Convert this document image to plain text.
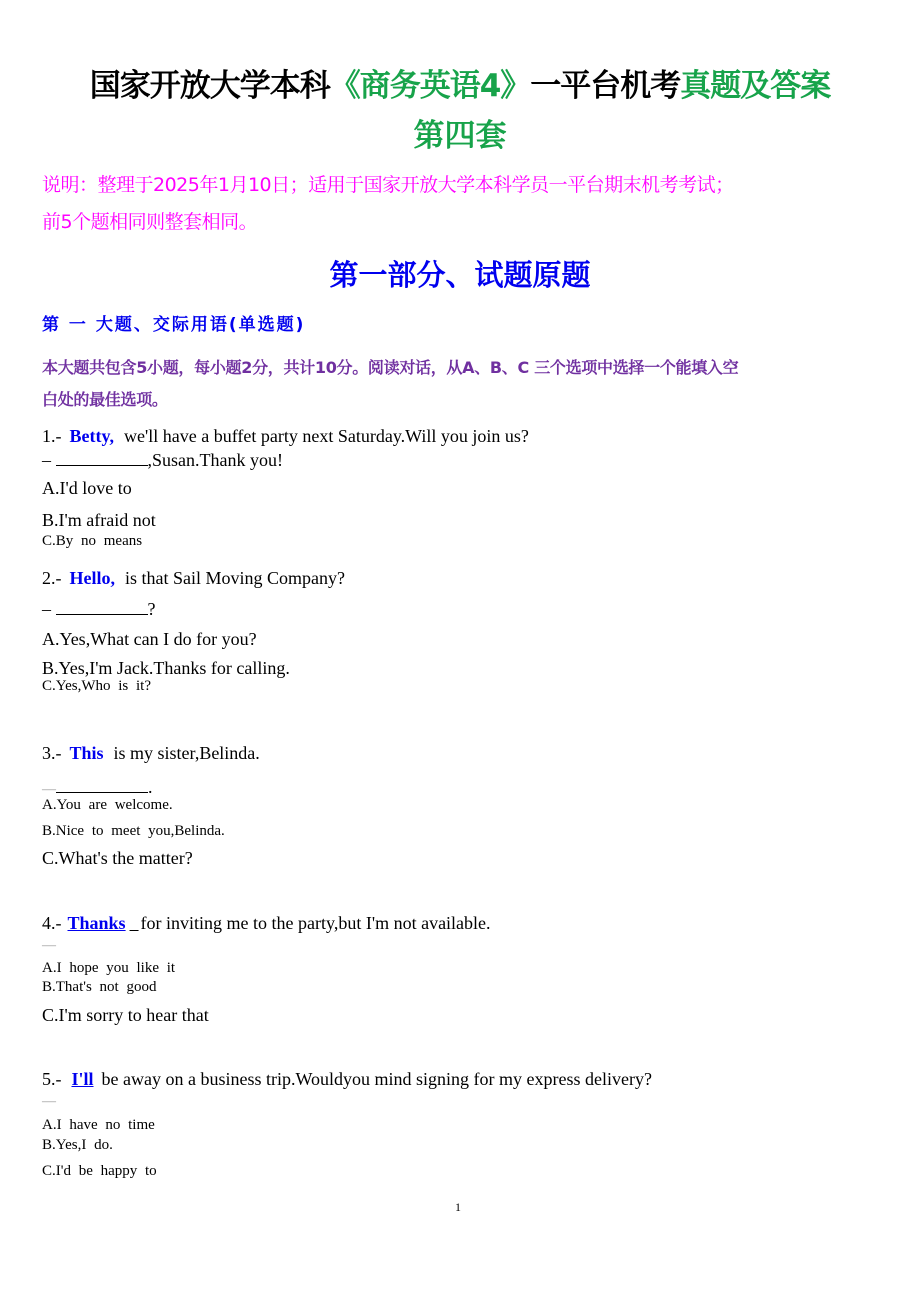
国家开放大学本科《商务英语4》一平台机考真题及答案
第四套
说明：整理于2025年1月10日；适用于国家开放大学本科学员一平台期末机考考试；
前5个题相同则整套相同。
第一部分、试题原题
第 一 大题、交际用语(单选题)
本大题共包含5小题，每小题2分，共计10分。阅读对话，从A、B、C 三个选项中选择一个能填入空
白处的最佳选项。
1.- Betty, we'll have a buffet party next Saturday.Will you join us?
–	,Susan.Thank you!
A.I'd love to
B.I'm afraid not
C.By no means
2.- Hello, is that Sail Moving Company?
–	?
A.Yes,What can I do for you?
B.Yes,I'm Jack.Thanks for calling.
C.Yes,Who is it?
3.- This is my sister,Belinda.
—	.
A.You are welcome.
B.Nice to meet you,Belinda.
C.What's the matter?
4.- Thanks for inviting me to the party,but I'm not available.
—
A.I hope you like it
B.That's not good
C.I'm sorry to hear that
5.- I'll be away on a business trip.Wouldyou mind signing for my express delivery?
—
A.I have no time
B.Yes,I do.
C.I'd be happy to
1
